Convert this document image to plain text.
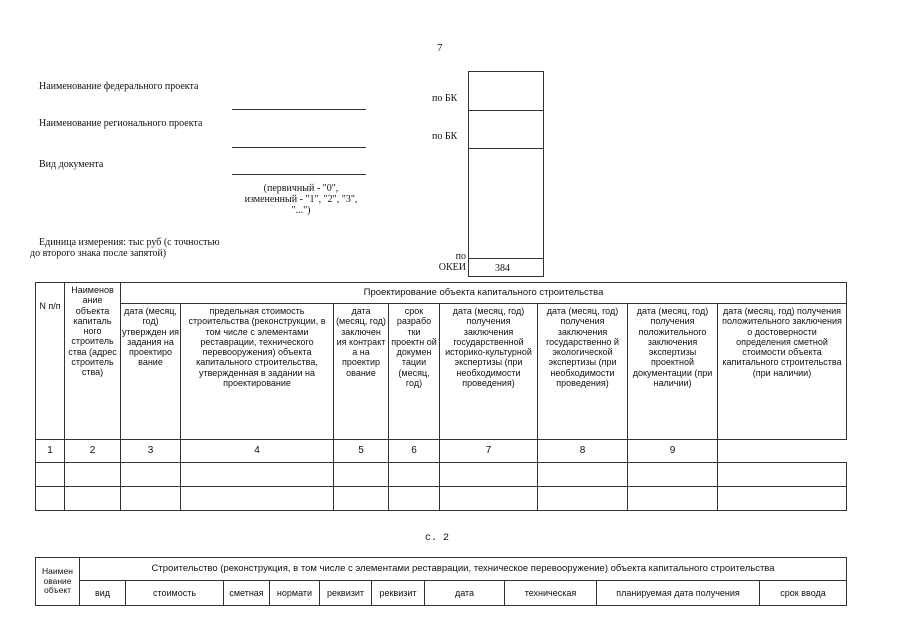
7
Наименование федерального проекта
Наименование регионального проекта
Вид документа
(первичный - "0", измененный - "1", "2", "3", "...")
Единица измерения: тыс руб (с точностью до второго знака после запятой)
по БК
по БК
по ОКЕИ	384
N п/п	Наименов ание объекта капиталь ного строитель ства (адрес строитель ства)	Проектирование объекта капитального строительства							
		дата (месяц, год) утвержден ия задания на проектиро вание	предельная стоимость строительства (реконструкции, в том числе с элементами реставрации, технического перевооружения) объекта капитального строительства, утвержденная в задании на проектирование	дата (месяц, год) заключен ия контракт а на проектир ование	срок разрабо тки проектн ой докумен тации (месяц, год)	дата (месяц, год) получения заключения государственной историко-культурной экспертизы (при необходимости проведения)	дата (месяц, год) получения заключения государственно й экологической экспертизы (при необходимости проведения)	дата (месяц, год) получения положительного заключения экспертизы проектной документации (при наличии)	дата (месяц, год) получения положительного заключения о достоверности определения сметной стоимости объекта капитального строительства (при наличии)
1	2	3	4	5	6	7	8	9	

с. 2
Наимен ование объект	Строительство (реконструкция, в том числе с элементами реставрации, техническое перевооружение) объекта капитального строительства									
	вид	стоимость	сметная	нормати	реквизит	реквизит	дата	техническая	планируемая дата получения	срок ввода
